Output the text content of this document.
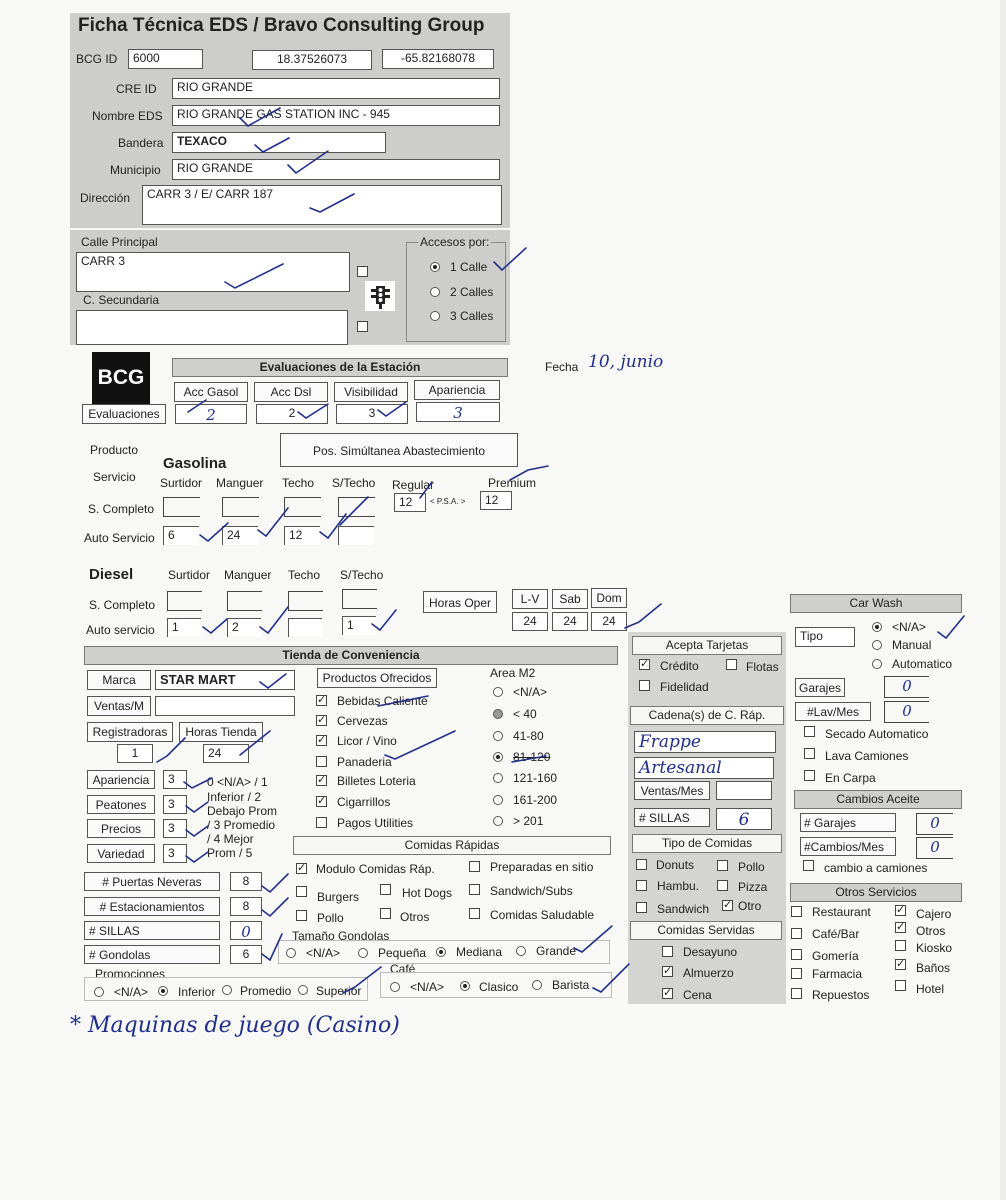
Ficha Técnica EDS / Bravo Consulting Group
BCG ID	6000	18.37526073	-65.82168078
CRE ID	RIO GRANDE
Nombre EDS	RIO GRANDE GAS STATION INC - 945
Bandera	TEXACO
Municipio	RIO GRANDE
Dirección	CARR 3 / E/ CARR 187
Calle Principal
CARR 3
C. Secundaria
Accesos por:
1 Calle
2 Calles
3 Calles
BCG	Evaluaciones de la Estación
Acc Gasol	Acc Dsl	Visibilidad	Apariencia
Evaluaciones	2	2	3	3
Fecha 10, junio
Producto
Servicio
Gasolina
Surtidor Manguer Techo S/Techo
S. Completo
Auto Servicio	6	24	12
Pos. Simúltanea Abastecimiento
Regular
12	< P.S.A. >
Premium
12
Diesel	Surtidor Manguer Techo S/Techo
S. Completo
Auto servicio	1	2	1
Horas Oper	L-V	Sab	Dom
24	24	24
Tienda de Conveniencia
Marca	STAR MART
Ventas/M
Registradoras	Horas Tienda
1	24
Apariencia	3
Peatones	3
Precios	3
Variedad	3
0 <N/A> / 1
Inferior / 2
Debajo Prom
/ 3 Promedio
/ 4 Mejor
Prom / 5
Productos Ofrecidos
✓
Bebidas Caliente
✓
Cervezas
✓
Licor / Vino
Panaderia
✓
Billetes Loteria
✓
Cigarrillos
Pagos Utilities
Area M2
<N/A>
< 40
41-80
81-120
121-160
161-200
> 201
# Puertas Neveras	8
# Estacionamientos	8
# SILLAS	0
# Gondolas	6
Comidas Rápidas
✓
Modulo Comidas Ráp.	Preparadas en sitio
Burgers	Hot Dogs	Sandwich/Subs
Pollo	Otros	Comidas Saludable
Tamaño Gondolas
<N/A>	Pequeña Mediana	Grande
Promociones
<N/A> Inferior Promedio Superior
Café
<N/A>	Clasico	Barista
Acepta Tarjetas
✓
Crédito	Flotas
Fidelidad
Cadena(s) de C. Ráp.
Frappe
Artesanal
Ventas/Mes
# SILLAS	6
Tipo de Comidas
Donuts	Pollo
Hambu.	Pizza
Sandwich ✓ Otro
Comidas Servidas
Desayuno
✓
Almuerzo
✓
Cena
Car Wash
Tipo
<N/A>
Manual
Automatico
Garajes	0
#Lav/Mes	0
Secado Automatico
Lava Camiones
En Carpa
Cambios Aceite
# Garajes	0
#Cambios/Mes	0
cambio a camiones
Otros Servicios
Restaurant
Café/Bar
Gomería
Farmacia
Repuestos
✓
Cajero
✓
Otros
Kiosko
✓
Baños
Hotel
* Maquinas de juego (Casino)
